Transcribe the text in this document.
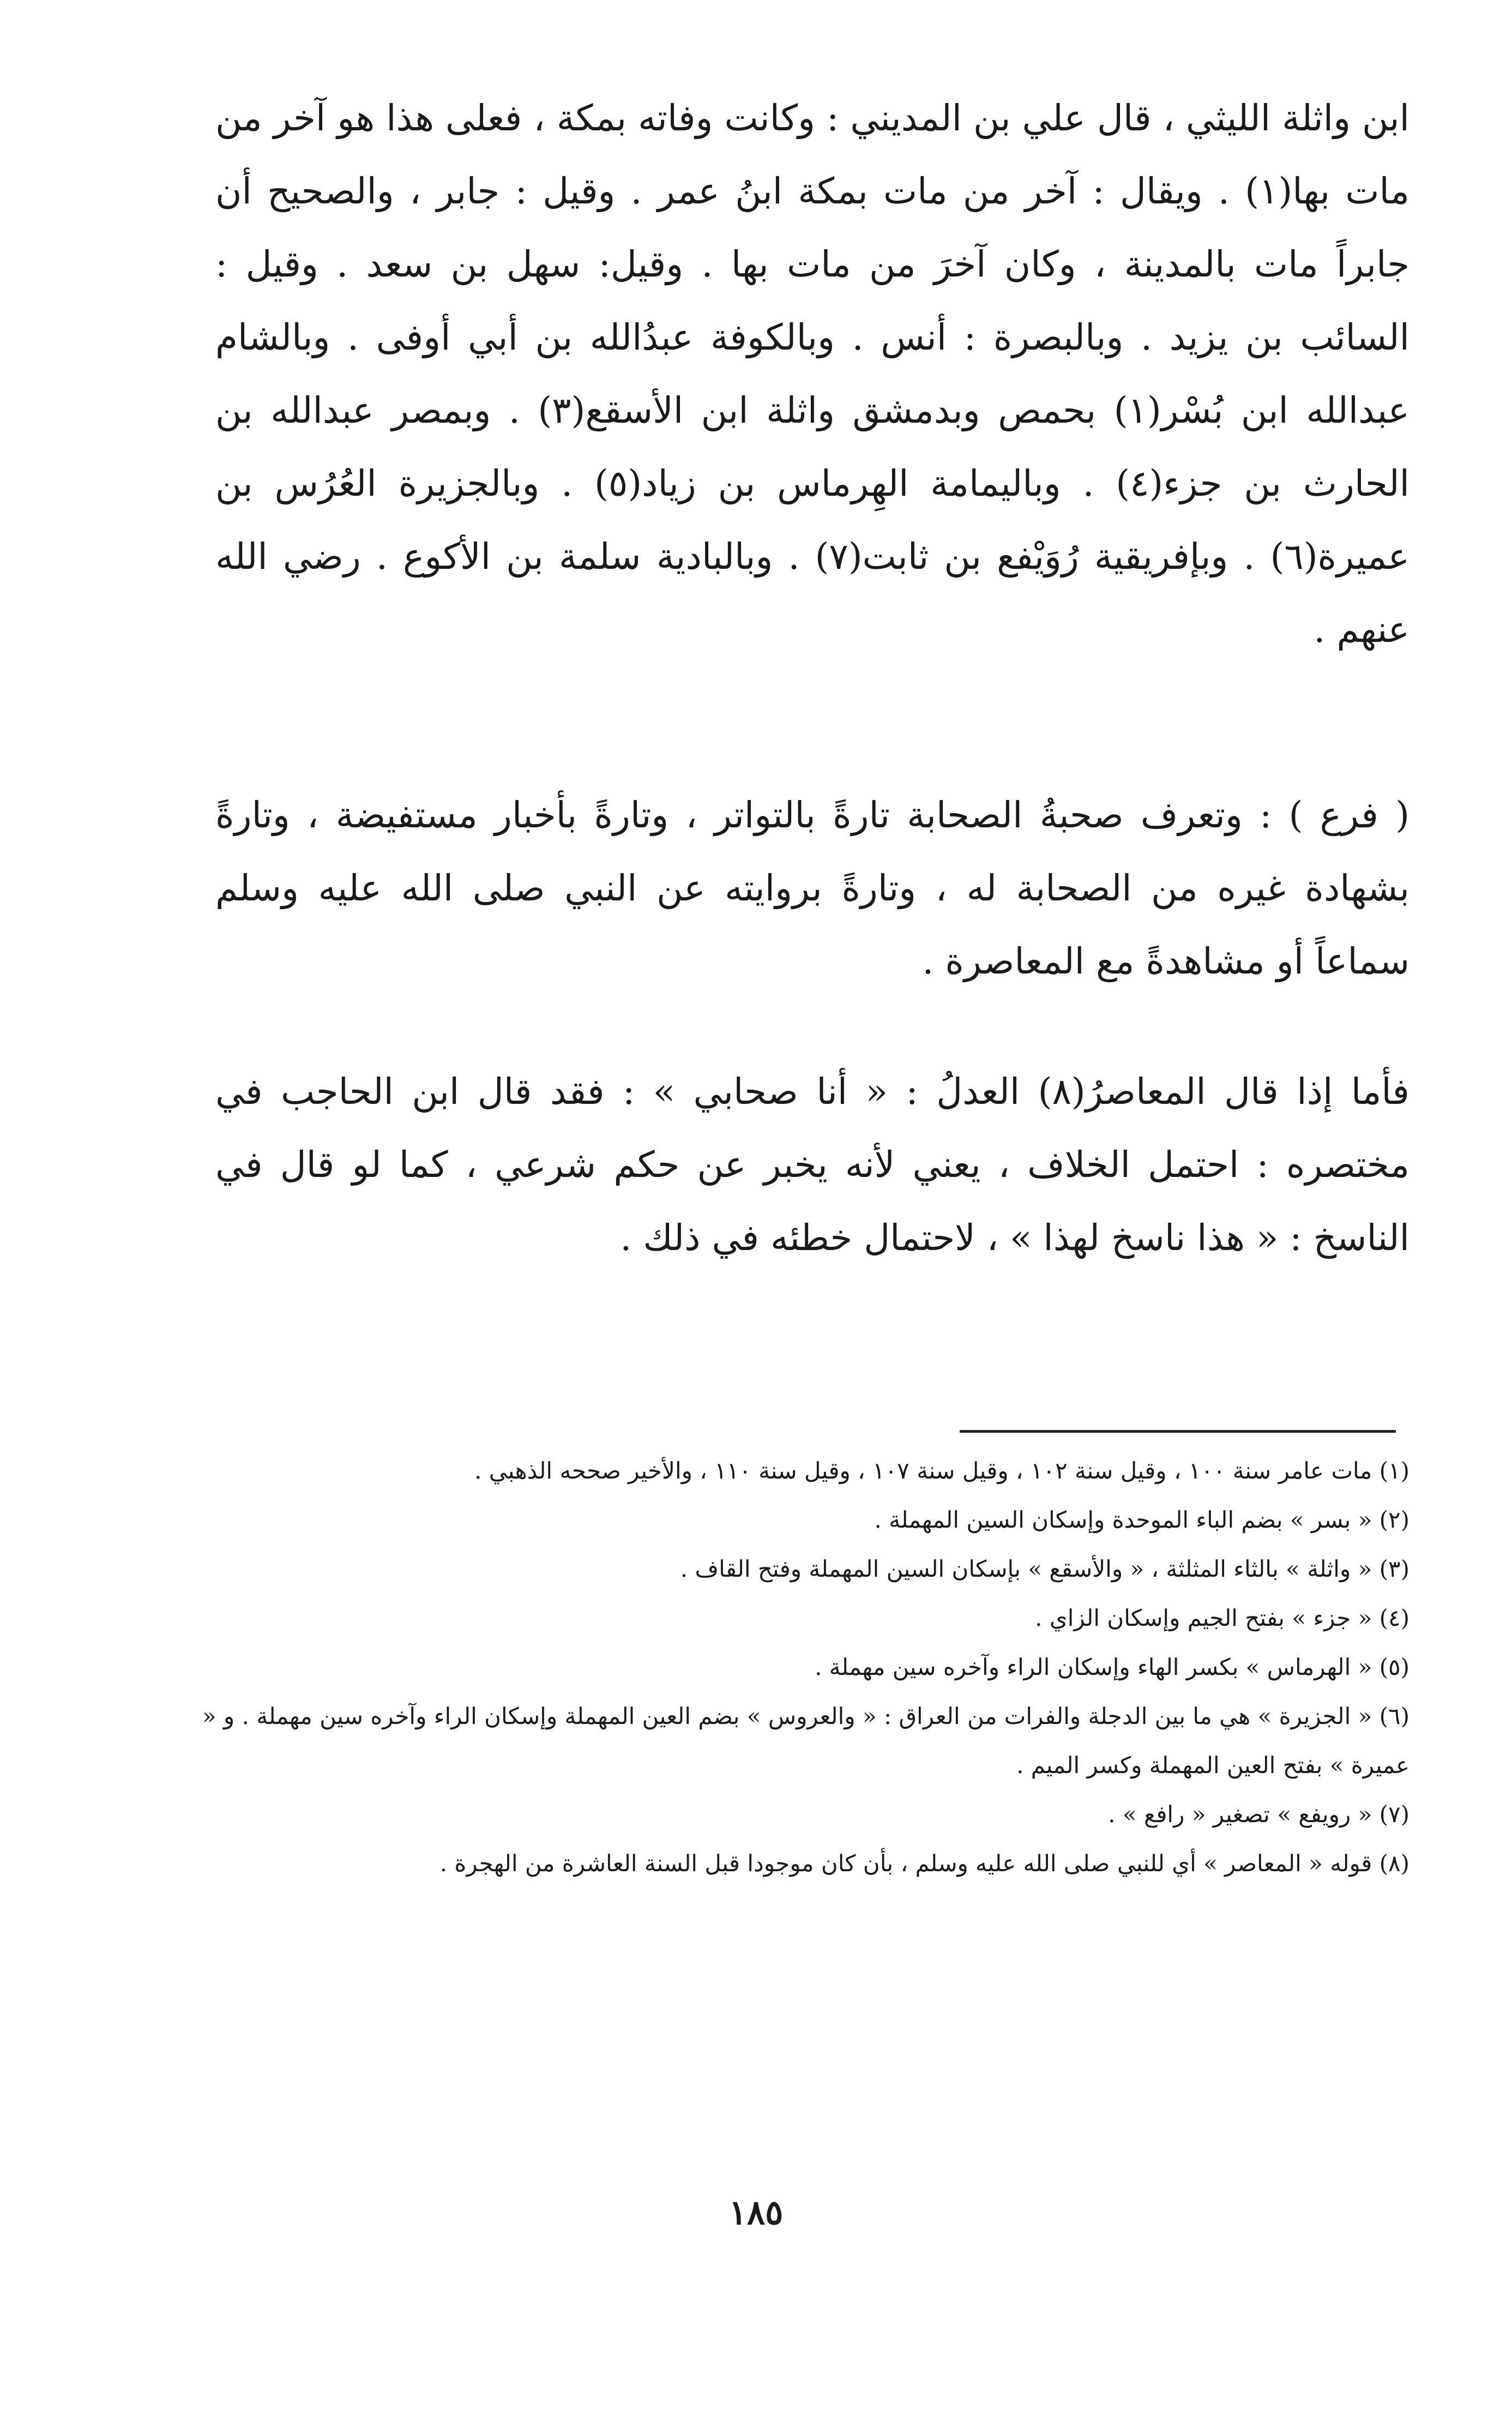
ابن واثلة الليثي ، قال علي بن المديني : وكانت وفاته بمكة ، فعلى هذا هو آخر من مات بها(١) . ويقال : آخر من مات بمكة ابنُ عمر . وقيل : جابر ، والصحيح أن جابراً مات بالمدينة ، وكان آخرَ من مات بها . وقيل: سهل بن سعد . وقيل : السائب بن يزيد . وبالبصرة : أنس . وبالكوفة عبدُالله بن أبي أوفى . وبالشام عبدالله ابن بُسْر(١) بحمص وبدمشق واثلة ابن الأسقع(٣) . وبمصر عبدالله بن الحارث بن جزء(٤) . وباليمامة الهِرماس بن زياد(٥) . وبالجزيرة العُرُس بن عميرة(٦) . وبإفريقية رُوَيْفع بن ثابت(٧) . وبالبادية سلمة بن الأكوع . رضي الله عنهم .

( فرع ) : وتعرف صحبةُ الصحابة تارةً بالتواتر ، وتارةً بأخبار مستفيضة ، وتارةً بشهادة غيره من الصحابة له ، وتارةً بروايته عن النبي صلى الله عليه وسلم سماعاً أو مشاهدةً مع المعاصرة .

فأما إذا قال المعاصرُ(٨) العدلُ : « أنا صحابي » : فقد قال ابن الحاجب في مختصره : احتمل الخلاف ، يعني لأنه يخبر عن حكم شرعي ، كما لو قال في الناسخ : « هذا ناسخ لهذا » ، لاحتمال خطئه في ذلك .

(١) مات عامر سنة ١٠٠ ، وقيل سنة ١٠٢ ، وقيل سنة ١٠٧ ، وقيل سنة ١١٠ ، والأخير صححه الذهبي .
(٢) « بسر » بضم الباء الموحدة وإسكان السين المهملة .
(٣) « واثلة » بالثاء المثلثة ، « والأسقع » بإسكان السين المهملة وفتح القاف .
(٤) « جزء » بفتح الجيم وإسكان الزاي .
(٥) « الهرماس » بكسر الهاء وإسكان الراء وآخره سين مهملة .
(٦) « الجزيرة » هي ما بين الدجلة والفرات من العراق : « والعروس » بضم العين المهملة وإسكان الراء وآخره سين مهملة . و « عميرة » بفتح العين المهملة وكسر الميم .
(٧) « رويفع » تصغير « رافع » .
(٨) قوله « المعاصر » أي للنبي صلى الله عليه وسلم ، بأن كان موجودا قبل السنة العاشرة من الهجرة .
١٨٥
